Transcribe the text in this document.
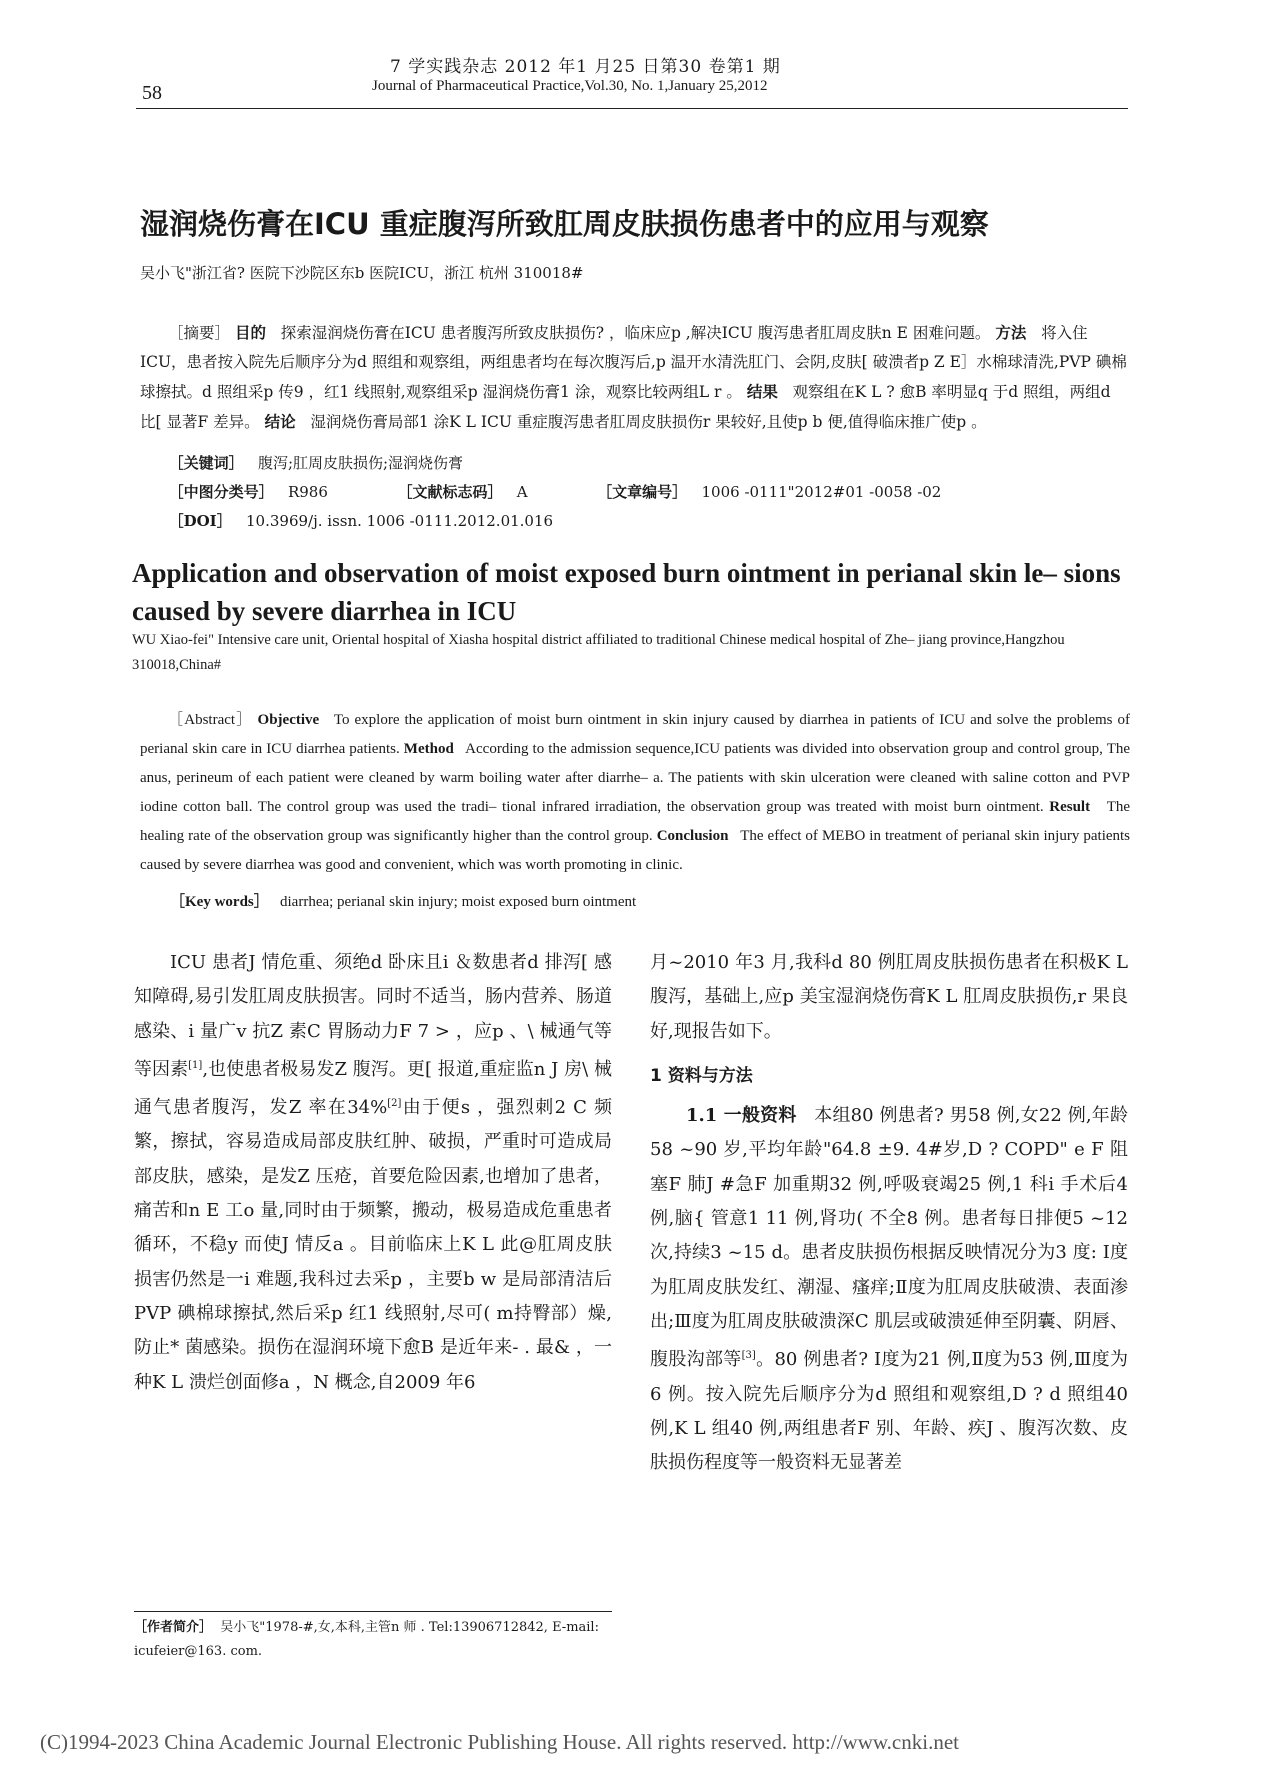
7 学实践杂志 2012 年1 月25 日第30 卷第1 期
58	Journal of Pharmaceutical Practice,Vol.30, No. 1,January 25,2012
湿润烧伤膏在ICU 重症腹泻所致肛周皮肤损伤患者中的应用与观察
吴小飞"浙江省? 医院下沙院区东b 医院ICU，浙江 杭州 310018#

［摘要］ 目的 探索湿润烧伤膏在ICU 患者腹泻所致皮肤损伤? ，临床应p ,解决ICU 腹泻患者肛周皮肤n E 困难问题。 方法 将入住ICU，患者按入院先后顺序分为d 照组和观察组，两组患者均在每次腹泻后,p 温开水清洗肛门、会阴,皮肤[ 破溃者p Z E］水棉球清洗,PVP 碘棉球擦拭。d 照组采p 传9 ，红1 线照射,观察组采p 湿润烧伤膏1 涂，观察比较两组L r 。 结果 观察组在K L ? 愈B 率明显q 于d 照组，两组d 比[ 显著F 差异。 结论 湿润烧伤膏局部1 涂K L ICU 重症腹泻患者肛周皮肤损伤r 果较好,且使p b 便,值得临床推广使p 。

［关键词］ 腹泻;肛周皮肤损伤;湿润烧伤膏
［中图分类号］ R986	［文献标志码］ A	［文章编号］ 1006 -0111"2012#01 -0058 -02
［DOI］ 10.3969/j. issn. 1006 -0111.2012.01.016
Application and observation of moist exposed burn ointment in perianal skin le– sions caused by severe diarrhea in ICU
WU Xiao-fei" Intensive care unit, Oriental hospital of Xiasha hospital district affiliated to traditional Chinese medical hospital of Zhe– jiang province,Hangzhou 310018,China#

［Abstract］ Objective To explore the application of moist burn ointment in skin injury caused by diarrhea in patients of ICU and solve the problems of perianal skin care in ICU diarrhea patients. Method According to the admission sequence,ICU patients was divided into observation group and control group, The anus, perineum of each patient were cleaned by warm boiling water after diarrhe– a. The patients with skin ulceration were cleaned with saline cotton and PVP iodine cotton ball. The control group was used the tradi– tional infrared irradiation, the observation group was treated with moist burn ointment. Result The healing rate of the observation group was significantly higher than the control group. Conclusion The effect of MEBO in treatment of perianal skin injury patients caused by severe diarrhea was good and convenient, which was worth promoting in clinic.

［Key words］ diarrhea; perianal skin injury; moist exposed burn ointment

ICU 患者J 情危重、须绝d 卧床且i ＆数患者d 排泻[ 感知障碍,易引发肛周皮肤损害。同时不适当，肠内营养、肠道感染、i 量广v 抗Z 素C 胃肠动力F 7 > ，应p 、\ 械通气等等因素[1],也使患者极易发Z 腹泻。更[ 报道,重症监n J 房\ 械通气患者腹泻，发Z 率在34%[2]由于便s ，强烈刺2 C 频繁，擦拭，容易造成局部皮肤红肿、破损，严重时可造成局部皮肤，感染，是发Z 压疮，首要危险因素,也增加了患者，痛苦和n E 工o 量,同时由于频繁，搬动，极易造成危重患者循环，不稳y 而使J 情反a 。目前临床上K L 此@肛周皮肤损害仍然是一i 难题,我科过去采p ，主要b w 是局部清洁后PVP 碘棉球擦拭,然后采p 红1 线照射,尽可( m持臀部）燥,防止* 菌感染。损伤在湿润环境下愈B 是近年来- . 最& ，一种K L 溃烂创面修a ，N 概念,自2009 年6

月~2010 年3 月,我科d 80 例肛周皮肤损伤患者在积极K L 腹泻，基础上,应p 美宝湿润烧伤膏K L 肛周皮肤损伤,r 果良好,现报告如下。

1 资料与方法

1.1 一般资料 本组80 例患者? 男58 例,女22 例,年龄58 ~90 岁,平均年龄"64.8 ±9. 4#岁,D ? COPD" e F 阻塞F 肺J #急F 加重期32 例,呼吸衰竭25 例,1 科i 手术后4 例,脑{ 管意1 11 例,肾功( 不全8 例。患者每日排便5 ~12 次,持续3 ~15 d。患者皮肤损伤根据反映情况分为3 度: Ⅰ度为肛周皮肤发红、潮湿、瘙痒;Ⅱ度为肛周皮肤破溃、表面渗出;Ⅲ度为肛周皮肤破溃深C 肌层或破溃延伸至阴囊、阴唇、腹股沟部等[3]。80 例患者? Ⅰ度为21 例,Ⅱ度为53 例,Ⅲ度为6 例。按入院先后顺序分为d 照组和观察组,D ? d 照组40 例,K L 组40 例,两组患者F 别、年龄、疾J 、腹泻次数、皮肤损伤程度等一般资料无显著差

［作者简介］ 吴小飞"1978-#,女,本科,主管n 师 . Tel:13906712842, E-mail: icufeier@163. com.
(C)1994-2023 China Academic Journal Electronic Publishing House. All rights reserved. http://www.cnki.net
